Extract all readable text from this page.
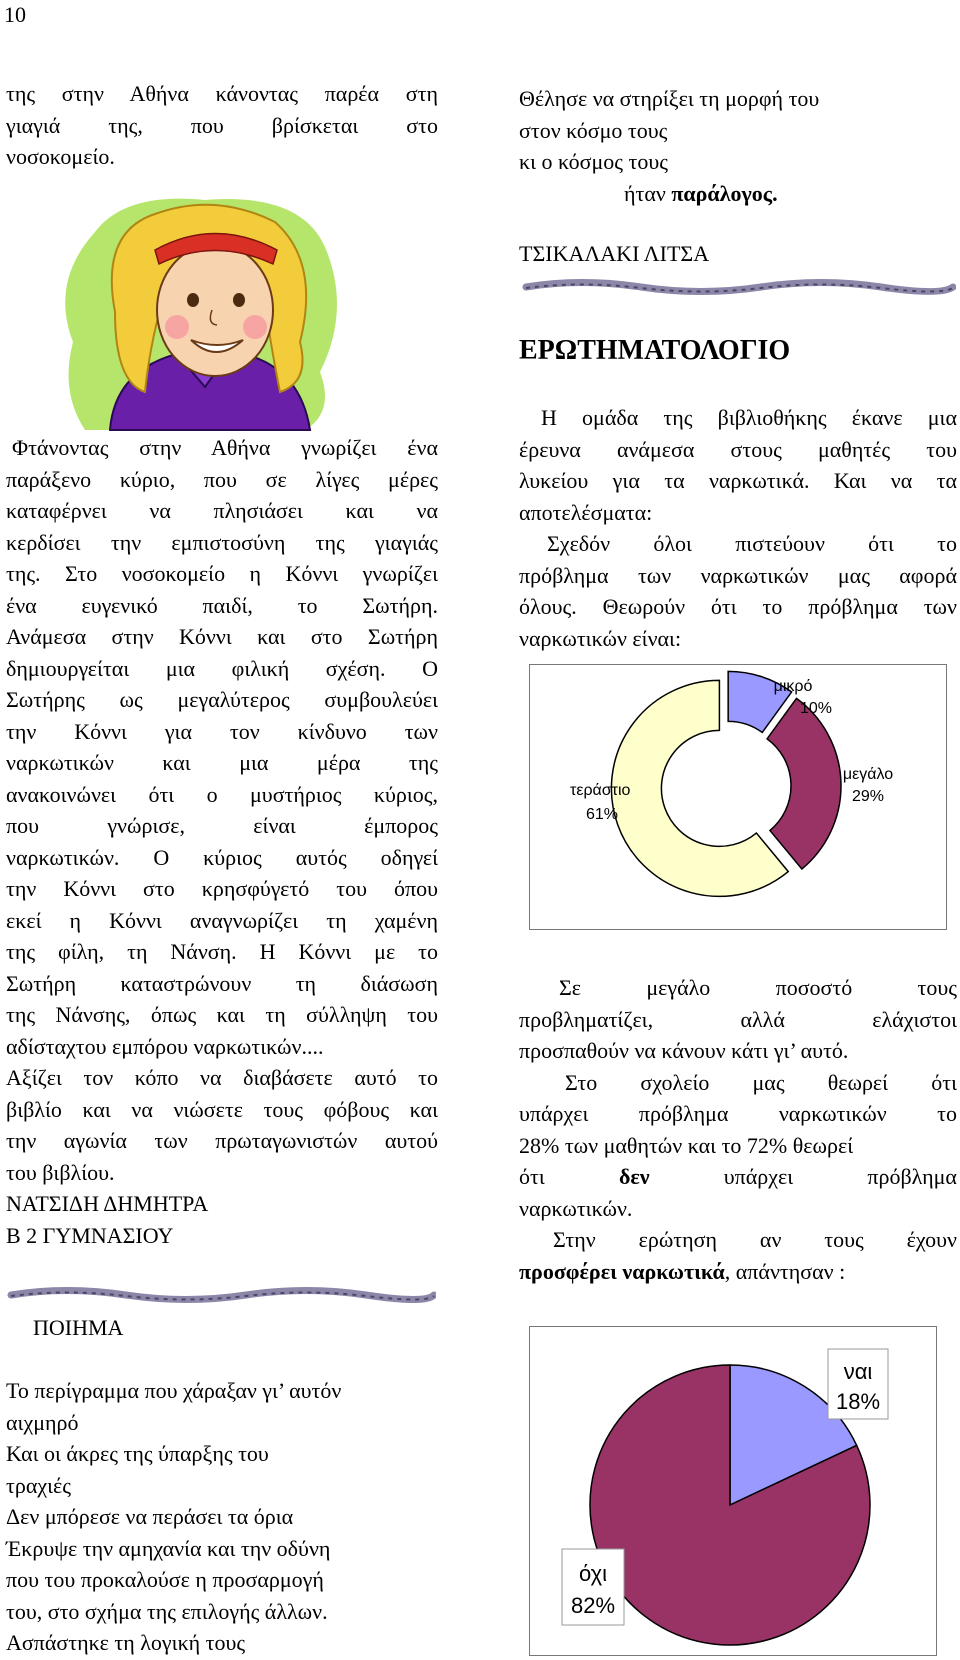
10
της στην Αθήνα κάνοντας παρέα στη
γιαγιά της, που βρίσκεται στο
νοσοκομείο.
Φτάνοντας στην Αθήνα γνωρίζει ένα
παράξενο κύριο, που σε λίγες μέρες
καταφέρνει να πλησιάσει και να
κερδίσει την εμπιστοσύνη της γιαγιάς
της. Στο νοσοκομείο η Κόννι γνωρίζει
ένα ευγενικό παιδί, το Σωτήρη.
Ανάμεσα στην Κόννι και στο Σωτήρη
δημιουργείται μια φιλική σχέση. Ο
Σωτήρης ως μεγαλύτερος συμβουλεύει
την Κόννι για τον κίνδυνο των
ναρκωτικών και μια μέρα της
ανακοινώνει ότι ο μυστήριος κύριος,
που γνώρισε, είναι έμπορος
ναρκωτικών. Ο κύριος αυτός οδηγεί
την Κόννι στο κρησφύγετό του όπου
εκεί η Κόννι αναγνωρίζει τη χαμένη
της φίλη, τη Νάνση. Η Κόννι με το
Σωτήρη καταστρώνουν τη διάσωση
της Νάνσης, όπως και τη σύλληψη του
αδίσταχτου εμπόρου ναρκωτικών....
Αξίζει τον κόπο να διαβάσετε αυτό το
βιβλίο και να νιώσετε τους φόβους και
την αγωνία των πρωταγωνιστών αυτού
του βιβλίου.
ΝΑΤΣΙΔΗ ΔΗΜΗΤΡΑ
Β 2 ΓΥΜΝΑΣΙΟΥ
ΠΟΙΗΜΑ
Το περίγραμμα που χάραξαν γι’ αυτόν
αιχμηρό
Και οι άκρες της ύπαρξης του
τραχιές
Δεν μπόρεσε να περάσει τα όρια
Έκρυψε την αμηχανία και την οδύνη
που του προκαλούσε η προσαρμογή
του, στο σχήμα της επιλογής άλλων.
Ασπάστηκε τη λογική τους
Θέλησε να στηρίξει τη μορφή του
στον κόσμο τους
κι ο κόσμος τους
ήταν παράλογος.
ΤΣΙΚΑΛΑΚΙ ΛΙΤΣΑ
ΕΡΩΤΗΜΑΤΟΛΟΓΙΟ
Η ομάδα της βιβλιοθήκης έκανε μια
έρευνα ανάμεσα στους μαθητές του
λυκείου για τα ναρκωτικά. Και να τα
αποτελέσματα:
Σχεδόν όλοι πιστεύουν ότι το
πρόβλημα των ναρκωτικών μας αφορά
όλους. Θεωρούν ότι το πρόβλημα των
ναρκωτικών είναι:
μικρό
10%
μεγάλο
29%
τεράστιο
61%
Σε μεγάλο ποσοστό τους
προβληματίζει, αλλά ελάχιστοι
προσπαθούν να κάνουν κάτι γι’ αυτό.
Στο σχολείο μας θεωρεί ότι
υπάρχει πρόβλημα ναρκωτικών το
28% των μαθητών και το 72% θεωρεί
ότι	δεν	υπάρχει	πρόβλημα
ναρκωτικών.
Στην ερώτηση αν τους έχουν
προσφέρει ναρκωτικά, απάντησαν :
ναι
18%
όχι
82%
